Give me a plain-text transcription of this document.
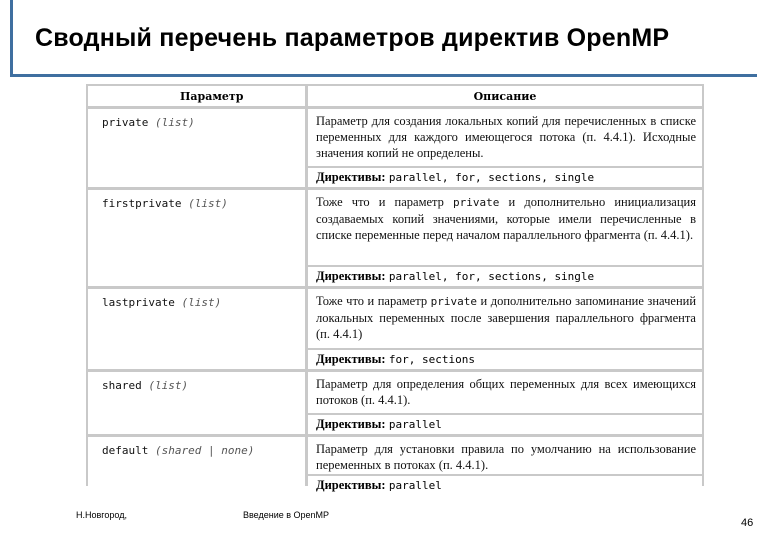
Сводный перечень параметров директив OpenMP
Параметр	Описание
private (list)	Параметр для создания локальных копий для перечисленных в списке переменных для каждого имеющегося потока (п. 4.4.1). Исходные значения копий не определены.
Директивы: parallel, for, sections, single
firstprivate (list)	Тоже что и параметр private и дополнительно инициализация создаваемых копий значениями, которые имели перечисленные в списке переменные перед началом параллельного фрагмента (п. 4.4.1).
Директивы: parallel, for, sections, single
lastprivate (list)	Тоже что и параметр private и дополнительно запоминание значений локальных переменных после завершения параллельного фрагмента (п. 4.4.1)
Директивы: for, sections
shared (list)	Параметр для определения общих переменных для всех имеющихся потоков (п. 4.4.1).
Директивы: parallel
default (shared | none)	Параметр для установки правила по умолчанию на использование переменных в потоках (п. 4.4.1).
Директивы: parallel
Н.Новгород,	Введение в OpenMP
46
